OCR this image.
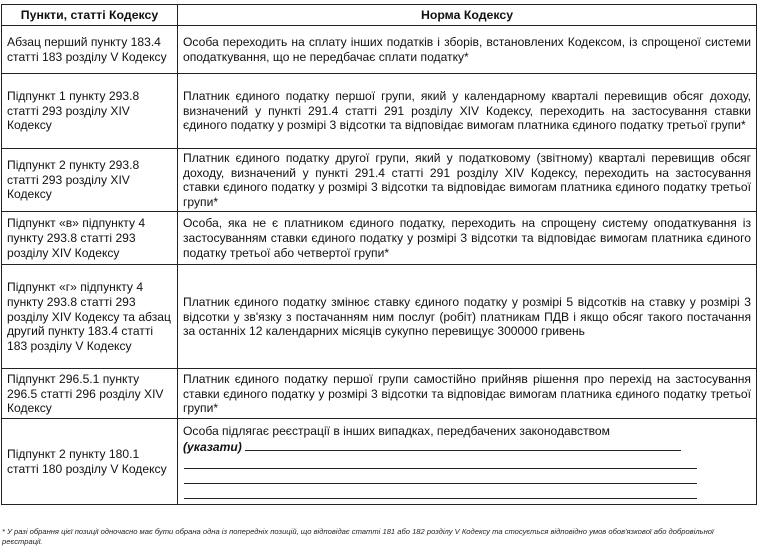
Пункти, статті Кодексу	Норма Кодексу
Абзац перший пункту 183.4 статті 183 розділу V Кодексу	Особа переходить на сплату інших податків і зборів, встановлених Кодексом, із спрощеної системи оподаткування, що не передбачає сплати податку*
Підпункт 1 пункту 293.8 статті 293 розділу XIV Кодексу	Платник єдиного податку першої групи, який у календарному кварталі перевищив обсяг доходу, визначений у пункті 291.4 статті 291 розділу XIV Кодексу, переходить на застосування ставки єдиного податку у розмірі 3 відсотки та відповідає вимогам платника єдиного податку третьої групи*
Підпункт 2 пункту 293.8 статті 293 розділу XIV Кодексу	Платник єдиного податку другої групи, який у податковому (звітному) кварталі перевищив обсяг доходу, визначений у пункті 291.4 статті 291 розділу XIV Кодексу, переходить на застосування ставки єдиного податку у розмірі 3 відсотки та відповідає вимогам платника єдиного податку третьої групи*
Підпункт «в» підпункту 4 пункту 293.8 статті 293 розділу XIV Кодексу	Особа, яка не є платником єдиного податку, переходить на спрощену систему оподаткування із застосуванням ставки єдиного податку у розмірі 3 відсотки та відповідає вимогам платника єдиного податку третьої або четвертої групи*
Підпункт «г» підпункту 4 пункту 293.8 статті 293 розділу XIV Кодексу та абзац другий пункту 183.4 статті 183 розділу V Кодексу	Платник єдиного податку змінює ставку єдиного податку у розмірі 5 відсотків на ставку у розмірі 3 відсотки у зв'язку з постачанням ним послуг (робіт) платникам ПДВ і якщо обсяг такого постачання за останніх 12 календарних місяців сукупно перевищує 300000 гривень
Підпункт 296.5.1 пункту 296.5 статті 296 розділу XIV Кодексу	Платник єдиного податку першої групи самостійно прийняв рішення про перехід на застосування ставки єдиного податку у розмірі 3 відсотки та відповідає вимогам платника єдиного податку третьої групи*
Підпункт 2 пункту 180.1 статті 180 розділу V Кодексу	Особа підлягає реєстрації в інших випадках, передбачених законодавством
(указати)
* У разі обрання цієї позиції одночасно має бути обрана одна із попередніх позицій, що відповідає статті 181 або 182 розділу V Кодексу та стосується відповідно умов обов'язкової або добровільної реєстрації.
